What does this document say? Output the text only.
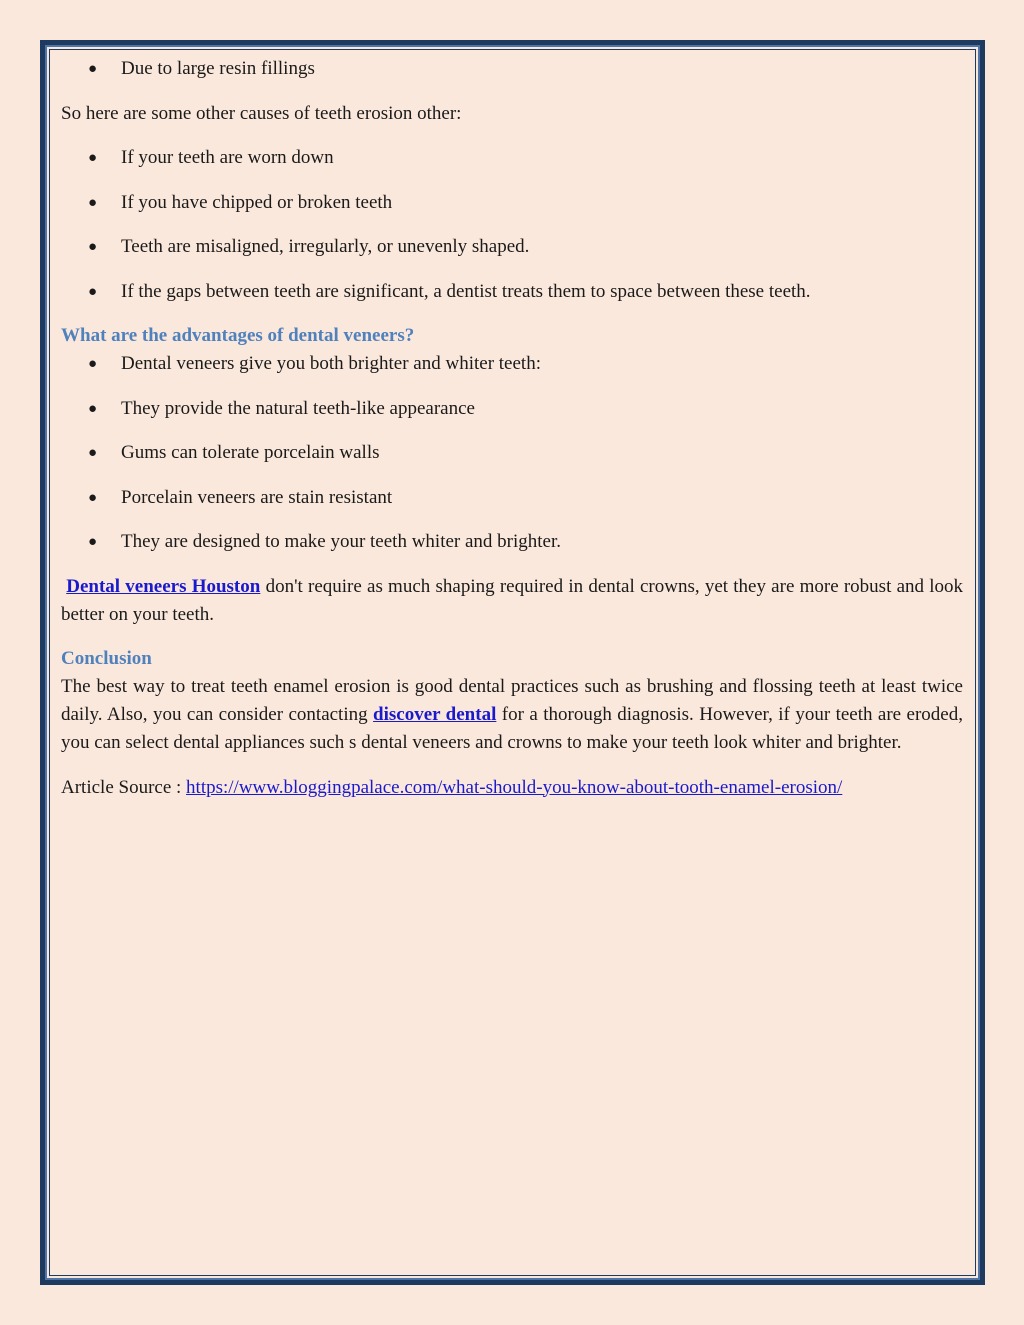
● Due to large resin fillings

So here are some other causes of teeth erosion other:

● If your teeth are worn down
● If you have chipped or broken teeth
● Teeth are misaligned, irregularly, or unevenly shaped.
● If the gaps between teeth are significant, a dentist treats them to space between these teeth.
What are the advantages of dental veneers?
● Dental veneers give you both brighter and whiter teeth:
● They provide the natural teeth-like appearance
● Gums can tolerate porcelain walls
● Porcelain veneers are stain resistant
● They are designed to make your teeth whiter and brighter.

Dental veneers Houston don't require as much shaping required in dental crowns, yet they are more robust and look better on your teeth.

Conclusion

The best way to treat teeth enamel erosion is good dental practices such as brushing and flossing teeth at least twice daily. Also, you can consider contacting discover dental for a thorough diagnosis. However, if your teeth are eroded, you can select dental appliances such s dental veneers and crowns to make your teeth look whiter and brighter.

Article Source : https://www.bloggingpalace.com/what-should-you-know-about-tooth-enamel-erosion/
